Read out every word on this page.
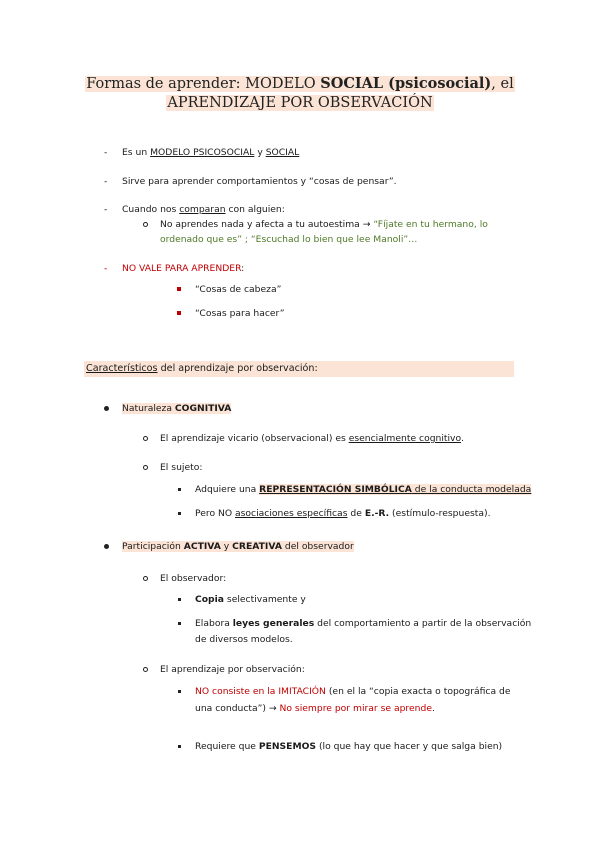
Formas de aprender: MODELO SOCIAL (psicosocial), el
APRENDIZAJE POR OBSERVACIÓN
- Es un MODELO PSICOSOCIAL y SOCIAL
- Sirve para aprender comportamientos y “cosas de pensar”.
- Cuando nos comparan con alguien:
No aprendes nada y afecta a tu autoestima → “Fíjate en tu hermano, lo
ordenado que es” ; “Escuchad lo bien que lee Manoli”…
- NO VALE PARA APRENDER:
“Cosas de cabeza”
“Cosas para hacer”
Característicos del aprendizaje por observación:
Naturaleza COGNITIVA
El aprendizaje vicario (observacional) es esencialmente cognitivo.
El sujeto:
Adquiere una REPRESENTACIÓN SIMBÓLICA de la conducta modelada
Pero NO asociaciones específicas de E.-R. (estímulo-respuesta).
Participación ACTIVA y CREATIVA del observador
El observador:
Copia selectivamente y
Elabora leyes generales del comportamiento a partir de la observación
de diversos modelos.
El aprendizaje por observación:
NO consiste en la IMITACIÓN (en el la “copia exacta o topográfica de
una conducta”) → No siempre por mirar se aprende.
Requiere que PENSEMOS (lo que hay que hacer y que salga bien)
